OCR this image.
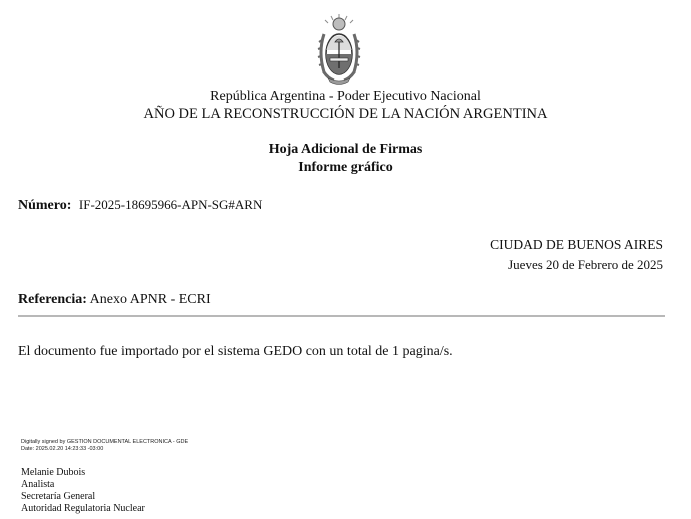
República Argentina - Poder Ejecutivo Nacional
AÑO DE LA RECONSTRUCCIÓN DE LA NACIÓN ARGENTINA
Hoja Adicional de Firmas
Informe gráfico
Número: IF-2025-18695966-APN-SG#ARN
CIUDAD DE BUENOS AIRES
Jueves 20 de Febrero de 2025
Referencia: Anexo APNR - ECRI
El documento fue importado por el sistema GEDO con un total de 1 pagina/s.
Digitally signed by GESTION DOCUMENTAL ELECTRONICA - GDE
Date: 2025.02.20 14:23:33 -03:00
Melanie Dubois
Analista
Secretaría General
Autoridad Regulatoria Nuclear
